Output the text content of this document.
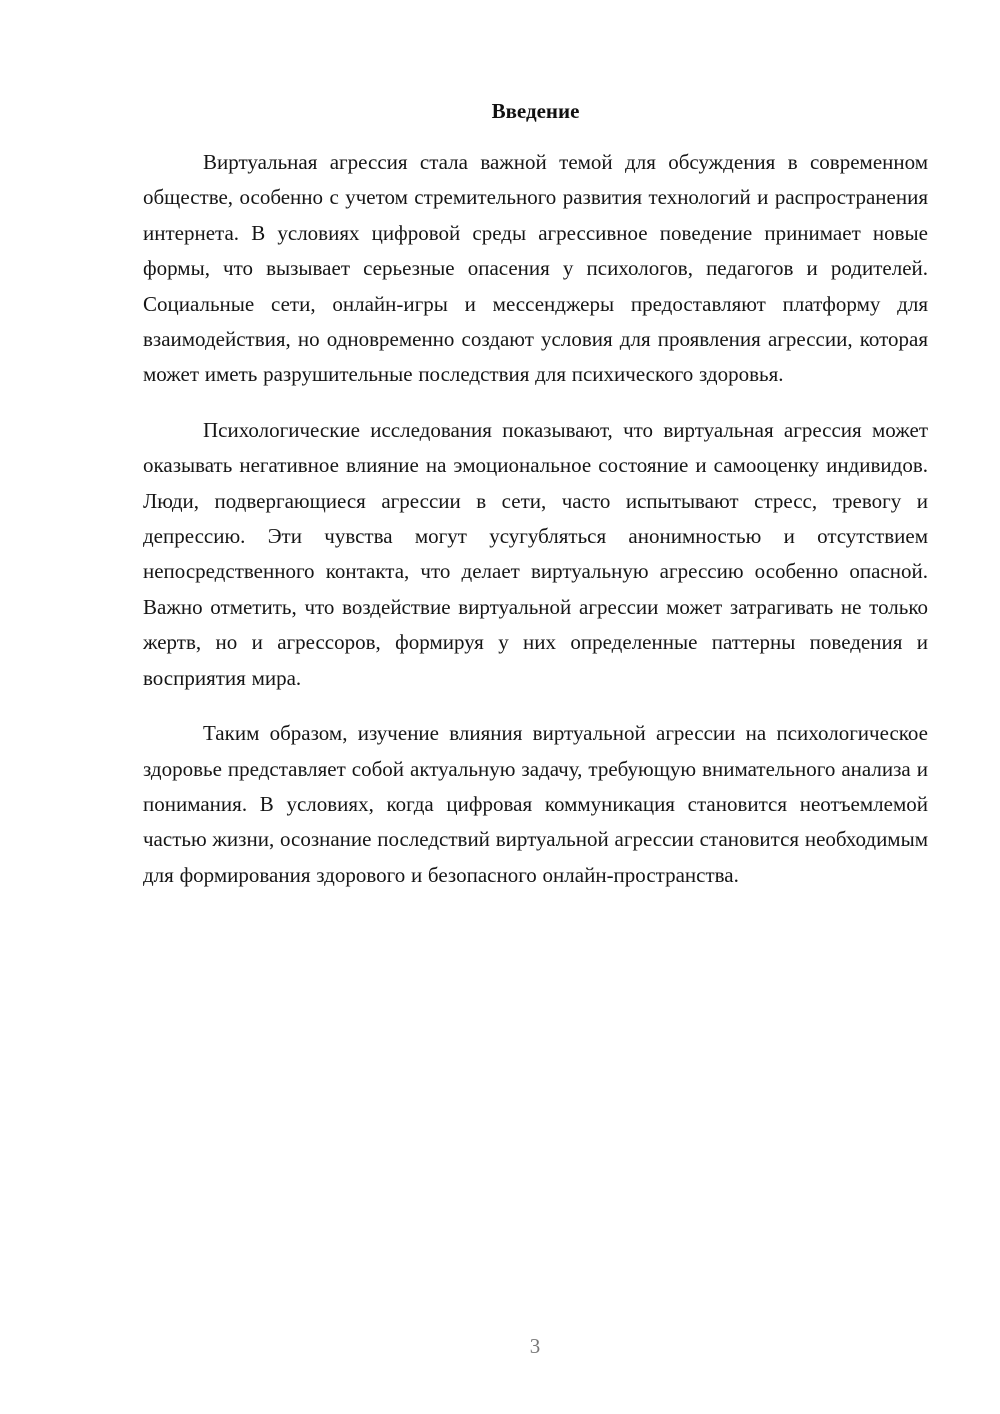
Введение

Виртуальная агрессия стала важной темой для обсуждения в современном обществе, особенно с учетом стремительного развития технологий и распространения интернета. В условиях цифровой среды агрессивное поведение принимает новые формы, что вызывает серьезные опасения у психологов, педагогов и родителей. Социальные сети, онлайн-игры и мессенджеры предоставляют платформу для взаимодействия, но одновременно создают условия для проявления агрессии, которая может иметь разрушительные последствия для психического здоровья.

Психологические исследования показывают, что виртуальная агрессия может оказывать негативное влияние на эмоциональное состояние и самооценку индивидов. Люди, подвергающиеся агрессии в сети, часто испытывают стресс, тревогу и депрессию. Эти чувства могут усугубляться анонимностью и отсутствием непосредственного контакта, что делает виртуальную агрессию особенно опасной. Важно отметить, что воздействие виртуальной агрессии может затрагивать не только жертв, но и агрессоров, формируя у них определенные паттерны поведения и восприятия мира.

Таким образом, изучение влияния виртуальной агрессии на психологическое здоровье представляет собой актуальную задачу, требующую внимательного анализа и понимания. В условиях, когда цифровая коммуникация становится неотъемлемой частью жизни, осознание последствий виртуальной агрессии становится необходимым для формирования здорового и безопасного онлайн-пространства.

3
